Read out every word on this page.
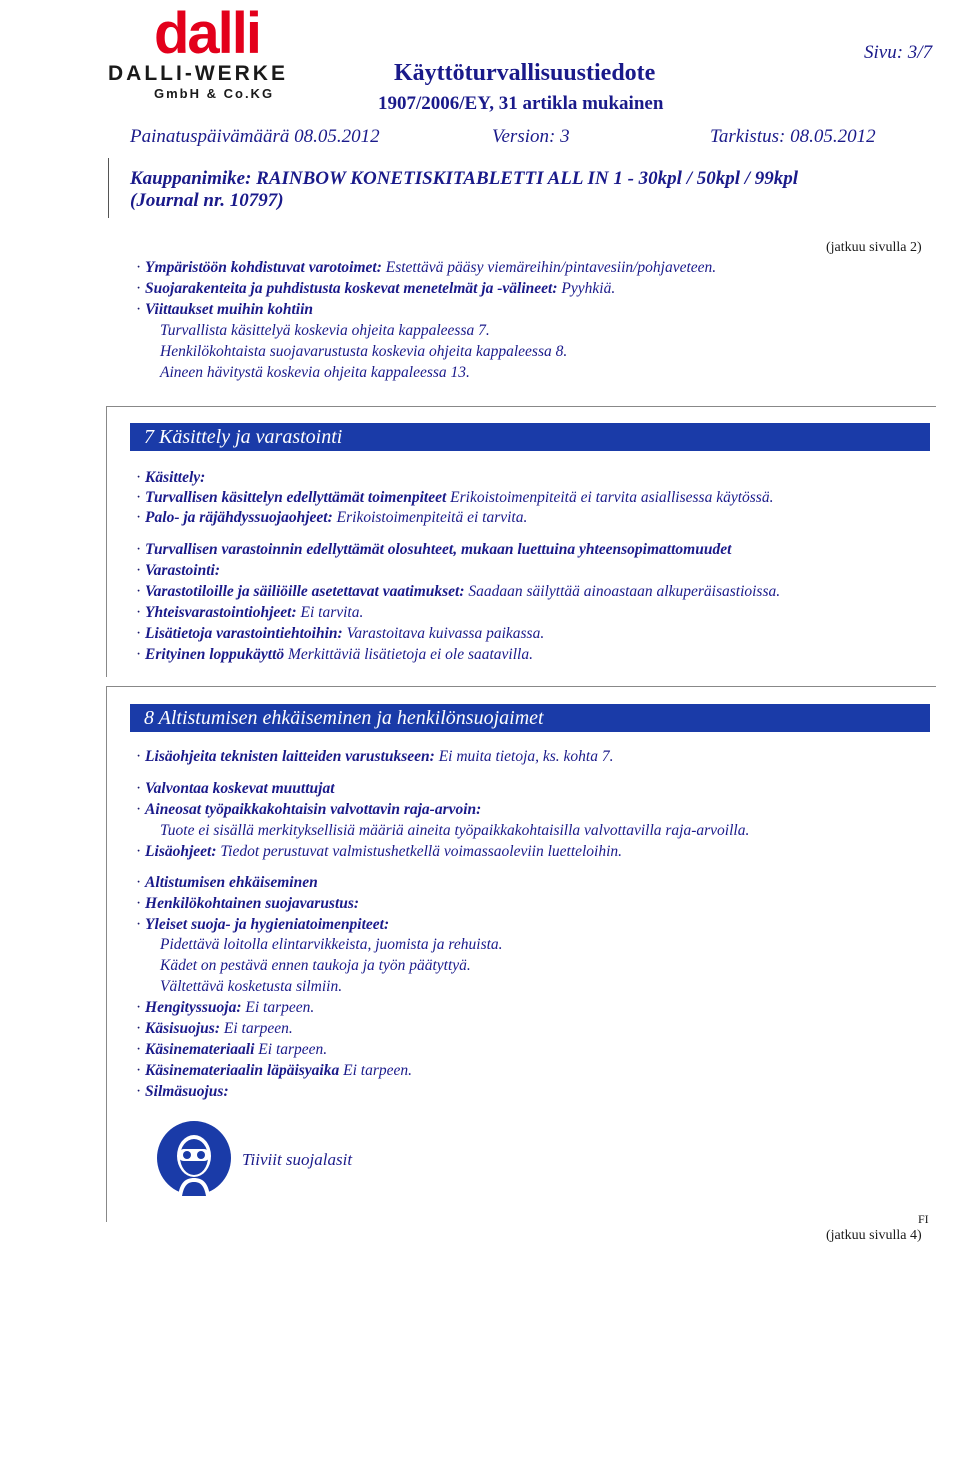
dalli
DALLI-WERKE
GmbH & Co.KG
Sivu: 3/7
Käyttöturvallisuustiedote
1907/2006/EY, 31 artikla mukainen
Painatuspäivämäärä 08.05.2012	Version: 3	Tarkistus: 08.05.2012
Kauppanimike: RAINBOW KONETISKITABLETTI ALL IN 1 - 30kpl / 50kpl / 99kpl
(Journal nr. 10797)
(jatkuu sivulla 2)
· Ympäristöön kohdistuvat varotoimet: Estettävä pääsy viemäreihin/pintavesiin/pohjaveteen.
· Suojarakenteita ja puhdistusta koskevat menetelmät ja -välineet: Pyyhkiä.
· Viittaukset muihin kohtiin
Turvallista käsittelyä koskevia ohjeita kappaleessa 7.
Henkilökohtaista suojavarustusta koskevia ohjeita kappaleessa 8.
Aineen hävitystä koskevia ohjeita kappaleessa 13.
7 Käsittely ja varastointi
· Käsittely:
· Turvallisen käsittelyn edellyttämät toimenpiteet Erikoistoimenpiteitä ei tarvita asiallisessa käytössä.
· Palo- ja räjähdyssuojaohjeet: Erikoistoimenpiteitä ei tarvita.
· Turvallisen varastoinnin edellyttämät olosuhteet, mukaan luettuina yhteensopimattomuudet
· Varastointi:
· Varastotiloille ja säiliöille asetettavat vaatimukset: Saadaan säilyttää ainoastaan alkuperäisastioissa.
· Yhteisvarastointiohjeet: Ei tarvita.
· Lisätietoja varastointiehtoihin: Varastoitava kuivassa paikassa.
· Erityinen loppukäyttö Merkittäviä lisätietoja ei ole saatavilla.
8 Altistumisen ehkäiseminen ja henkilönsuojaimet
· Lisäohjeita teknisten laitteiden varustukseen: Ei muita tietoja, ks. kohta 7.
· Valvontaa koskevat muuttujat
· Aineosat työpaikkakohtaisin valvottavin raja-arvoin:
Tuote ei sisällä merkityksellisiä määriä aineita työpaikkakohtaisilla valvottavilla raja-arvoilla.
· Lisäohjeet: Tiedot perustuvat valmistushetkellä voimassaoleviin luetteloihin.
· Altistumisen ehkäiseminen
· Henkilökohtainen suojavarustus:
· Yleiset suoja- ja hygieniatoimenpiteet:
Pidettävä loitolla elintarvikkeista, juomista ja rehuista.
Kädet on pestävä ennen taukoja ja työn päätyttyä.
Vältettävä kosketusta silmiin.
· Hengityssuoja: Ei tarpeen.
· Käsisuojus: Ei tarpeen.
· Käsinemateriaali Ei tarpeen.
· Käsinemateriaalin läpäisyaika Ei tarpeen.
· Silmäsuojus:
Tiiviit suojalasit
FI
(jatkuu sivulla 4)
